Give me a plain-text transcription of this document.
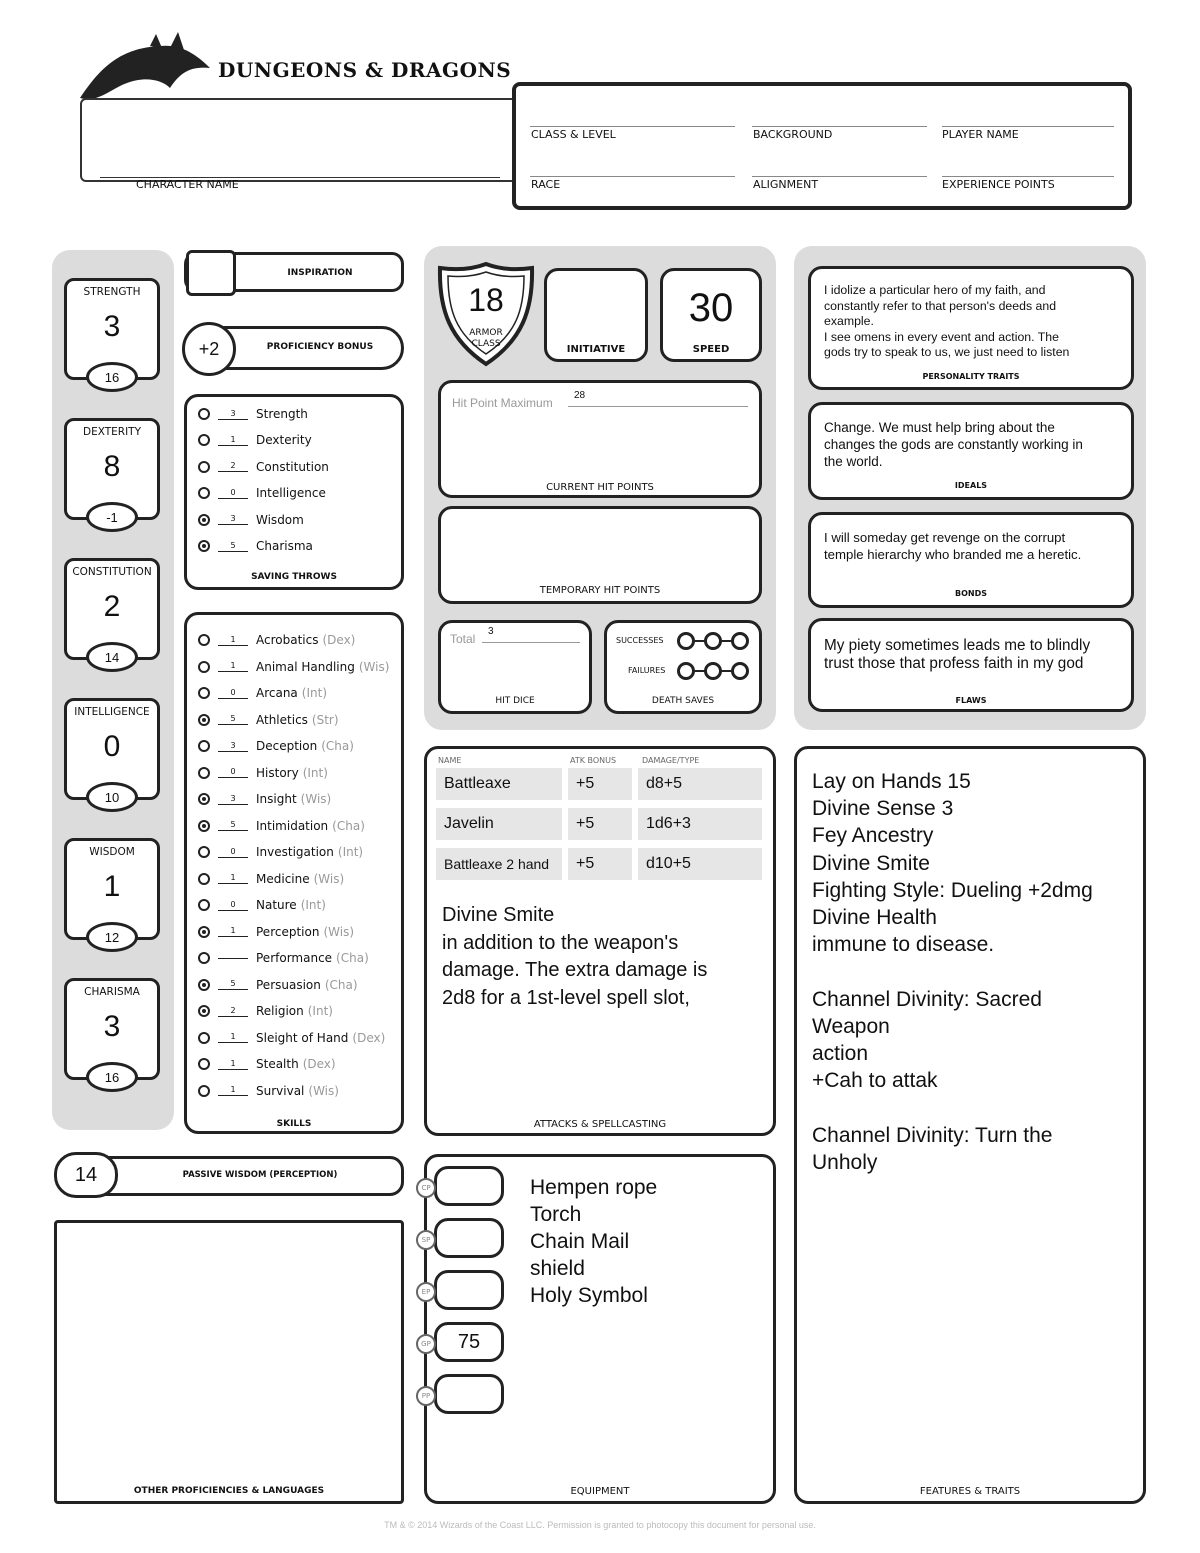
DUNGEONS & DRAGONS
CHARACTER NAME
CLASS & LEVEL	BACKGROUND	PLAYER NAME
RACE	ALIGNMENT	EXPERIENCE POINTS
STRENGTH
3
16
DEXTERITY
8
-1
CONSTITUTION
2
14
INTELLIGENCE
0
10
WISDOM
1
12
CHARISMA
3
16
INSPIRATION
+2	PROFICIENCY BONUS
3	Strength
1	Dexterity
2	Constitution
0	Intelligence
3	Wisdom
5	Charisma
SAVING THROWS
1	Acrobatics (Dex)
1	Animal Handling (Wis)
0	Arcana (Int)
5	Athletics (Str)
3	Deception (Cha)
0	History (Int)
3	Insight (Wis)
5	Intimidation (Cha)
0	Investigation (Int)
1	Medicine (Wis)
0	Nature (Int)
1	Perception (Wis)
Performance (Cha)
5	Persuasion (Cha)
2	Religion (Int)
1	Sleight of Hand (Dex)
1	Stealth (Dex)
1	Survival (Wis)
SKILLS
14	PASSIVE WISDOM (PERCEPTION)
OTHER PROFICIENCIES & LANGUAGES
18
ARMOR
CLASS	INITIATIVE
30
SPEED
Hit Point Maximum
28
CURRENT HIT POINTS
TEMPORARY HIT POINTS
Total
3
HIT DICE
SUCCESSES
FAILURES
DEATH SAVES
NAME	ATK BONUS	DAMAGE/TYPE
Battleaxe	+5	d8+5
Javelin	+5	1d6+3
Battleaxe 2 hand	+5	d10+5
Divine Smite
in addition to the weapon's
damage. The extra damage is
2d8 for a 1st-level spell slot,
ATTACKS & SPELLCASTING
CP
SP
EP
75
GP
PP
Hempen rope
Torch
Chain Mail
shield
Holy Symbol
EQUIPMENT
I idolize a particular hero of my faith, and
constantly refer to that person's deeds and
example.
I see omens in every event and action. The
gods try to speak to us, we just need to listen
PERSONALITY TRAITS
Change. We must help bring about the
changes the gods are constantly working in
the world.
IDEALS
I will someday get revenge on the corrupt
temple hierarchy who branded me a heretic.
BONDS
My piety sometimes leads me to blindly
trust those that profess faith in my god
FLAWS
Lay on Hands 15
Divine Sense 3
Fey Ancestry
Divine Smite
Fighting Style: Dueling +2dmg
Divine Health
immune to disease.

Channel Divinity: Sacred
Weapon
action
+Cah to attak

Channel Divinity: Turn the
Unholy
FEATURES & TRAITS
TM & © 2014 Wizards of the Coast LLC. Permission is granted to photocopy this document for personal use.
